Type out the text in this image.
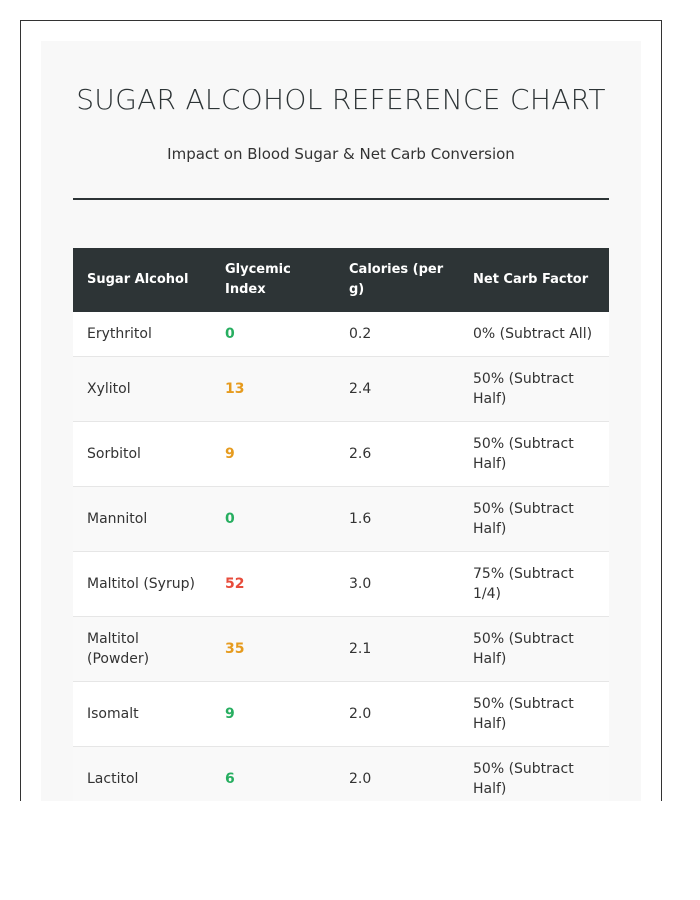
SUGAR ALCOHOL REFERENCE CHART

Impact on Blood Sugar & Net Carb Conversion

Sugar Alcohol	Glycemic Index	Calories (per g)	Net Carb Factor
Erythritol	0	0.2	0% (Subtract All)
Xylitol	13	2.4	50% (Subtract Half)
Sorbitol	9	2.6	50% (Subtract Half)
Mannitol	0	1.6	50% (Subtract Half)
Maltitol (Syrup)	52	3.0	75% (Subtract 1/4)
Maltitol (Powder)	35	2.1	50% (Subtract Half)
Isomalt	9	2.0	50% (Subtract Half)
Lactitol	6	2.0	50% (Subtract Half)
